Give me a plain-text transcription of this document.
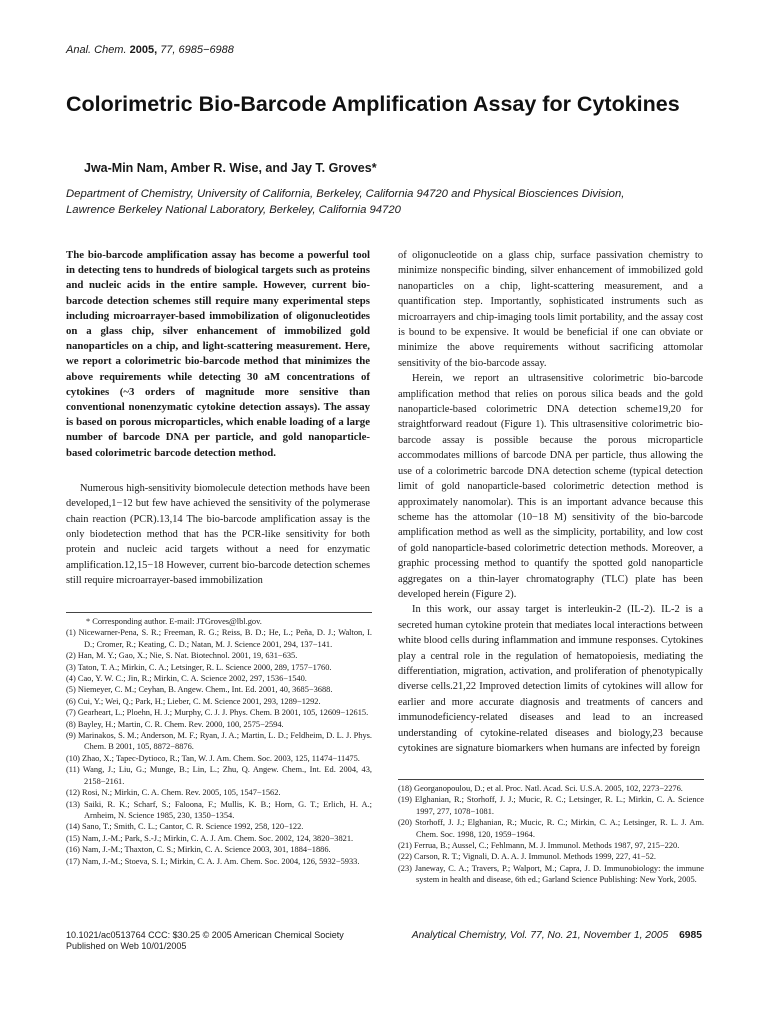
Anal. Chem. 2005, 77, 6985−6988
Colorimetric Bio-Barcode Amplification Assay for Cytokines

Jwa-Min Nam, Amber R. Wise, and Jay T. Groves*

Department of Chemistry, University of California, Berkeley, California 94720 and Physical Biosciences Division,
Lawrence Berkeley National Laboratory, Berkeley, California 94720

The bio-barcode amplification assay has become a powerful tool in detecting tens to hundreds of biological targets such as proteins and nucleic acids in the entire sample. However, current bio-barcode detection schemes still require many experimental steps including microarrayer-based immobilization of oligonucleotides on a glass chip, silver enhancement of immobilized gold nanoparticles on a chip, and light-scattering measurement. Here, we report a colorimetric bio-barcode method that minimizes the above requirements while detecting 30 aM concentrations of cytokines (~3 orders of magnitude more sensitive than conventional nonenzymatic cytokine detection assays). The assay is based on porous microparticles, which enable loading of a large number of barcode DNA per particle, and gold nanoparticle-based colorimetric barcode detection method.

Numerous high-sensitivity biomolecule detection methods have been developed,1−12 but few have achieved the sensitivity of the polymerase chain reaction (PCR).13,14 The bio-barcode amplification assay is the only biodetection method that has the PCR-like sensitivity for both protein and nucleic acid targets without a need for enzymatic amplification.12,15−18 However, current bio-barcode detection schemes still require microarrayer-based immobilization

of oligonucleotide on a glass chip, surface passivation chemistry to minimize nonspecific binding, silver enhancement of immobilized gold nanoparticles on a chip, light-scattering measurement, and a quantification step. Importantly, sophisticated instruments such as microarrayers and chip-imaging tools limit portability, and the assay cost is bound to be expensive. It would be beneficial if one can obviate or minimize the above requirements without sacrificing attomolar sensitivity of the bio-barcode assay.

Herein, we report an ultrasensitive colorimetric bio-barcode amplification method that relies on porous silica beads and the gold nanoparticle-based colorimetric DNA detection scheme19,20 for straightforward readout (Figure 1). This ultrasensitive colorimetric bio-barcode assay is possible because the porous microparticle accommodates millions of barcode DNA per particle, thus allowing the use of a colorimetric barcode DNA detection scheme (typical detection limit of gold nanoparticle-based colorimetric detection method is approximately nanomolar). This is an important advance because this scheme has the attomolar (10−18 M) sensitivity of the bio-barcode amplification method as well as the simplicity, portability, and low cost of gold nanoparticle-based colorimetric detection methods. Moreover, a graphic processing method to quantify the spotted gold nanoparticle aggregates on a thin-layer chromatography (TLC) plate has been developed herein (Figure 2).

In this work, our assay target is interleukin-2 (IL-2). IL-2 is a secreted human cytokine protein that mediates local interactions between white blood cells during inflammation and immune responses. Cytokines play a central role in the regulation of hematopoiesis, mediating the differentiation, migration, activation, and proliferation of phenotypically diverse cells.21,22 Improved detection limits of cytokines will allow for earlier and more accurate diagnosis and treatments of cancers and immunodeficiency-related diseases and lead to an increased understanding of cytokine-related diseases and biology,23 because cytokines are signature biomarkers when humans are infected by foreign

* Corresponding author. E-mail: JTGroves@lbl.gov.

(1) Nicewarner-Pena, S. R.; Freeman, R. G.; Reiss, B. D.; He, L.; Peña, D. J.; Walton, I. D.; Cromer, R.; Keating, C. D.; Natan, M. J. Science 2001, 294, 137−141.

(2) Han, M. Y.; Gao, X.; Nie, S. Nat. Biotechnol. 2001, 19, 631−635.

(3) Taton, T. A.; Mirkin, C. A.; Letsinger, R. L. Science 2000, 289, 1757−1760.

(4) Cao, Y. W. C.; Jin, R.; Mirkin, C. A. Science 2002, 297, 1536−1540.

(5) Niemeyer, C. M.; Ceyhan, B. Angew. Chem., Int. Ed. 2001, 40, 3685−3688.

(6) Cui, Y.; Wei, Q.; Park, H.; Lieber, C. M. Science 2001, 293, 1289−1292.

(7) Gearheart, L.; Ploehn, H. J.; Murphy, C. J. J. Phys. Chem. B 2001, 105, 12609−12615.

(8) Bayley, H.; Martin, C. R. Chem. Rev. 2000, 100, 2575−2594.

(9) Marinakos, S. M.; Anderson, M. F.; Ryan, J. A.; Martin, L. D.; Feldheim, D. L. J. Phys. Chem. B 2001, 105, 8872−8876.

(10) Zhao, X.; Tapec-Dytioco, R.; Tan, W. J. Am. Chem. Soc. 2003, 125, 11474−11475.

(11) Wang, J.; Liu, G.; Munge, B.; Lin, L.; Zhu, Q. Angew. Chem., Int. Ed. 2004, 43, 2158−2161.

(12) Rosi, N.; Mirkin, C. A. Chem. Rev. 2005, 105, 1547−1562.

(13) Saiki, R. K.; Scharf, S.; Faloona, F.; Mullis, K. B.; Horn, G. T.; Erlich, H. A.; Arnheim, N. Science 1985, 230, 1350−1354.

(14) Sano, T.; Smith, C. L.; Cantor, C. R. Science 1992, 258, 120−122.

(15) Nam, J.-M.; Park, S.-J.; Mirkin, C. A. J. Am. Chem. Soc. 2002, 124, 3820−3821.

(16) Nam, J.-M.; Thaxton, C. S.; Mirkin, C. A. Science 2003, 301, 1884−1886.

(17) Nam, J.-M.; Stoeva, S. I.; Mirkin, C. A. J. Am. Chem. Soc. 2004, 126, 5932−5933.

(18) Georganopoulou, D.; et al. Proc. Natl. Acad. Sci. U.S.A. 2005, 102, 2273−2276.

(19) Elghanian, R.; Storhoff, J. J.; Mucic, R. C.; Letsinger, R. L.; Mirkin, C. A. Science 1997, 277, 1078−1081.

(20) Storhoff, J. J.; Elghanian, R.; Mucic, R. C.; Mirkin, C. A.; Letsinger, R. L. J. Am. Chem. Soc. 1998, 120, 1959−1964.

(21) Ferrua, B.; Aussel, C.; Fehlmann, M. J. Immunol. Methods 1987, 97, 215−220.

(22) Carson, R. T.; Vignali, D. A. A. J. Immunol. Methods 1999, 227, 41−52.

(23) Janeway, C. A.; Travers, P.; Walport, M.; Capra, J. D. Immunobiology: the immune system in health and disease, 6th ed.; Garland Science Publishing: New York, 2005.

10.1021/ac0513764 CCC: $30.25 © 2005 American Chemical Society
Published on Web 10/01/2005
Analytical Chemistry, Vol. 77, No. 21, November 1, 2005 6985
